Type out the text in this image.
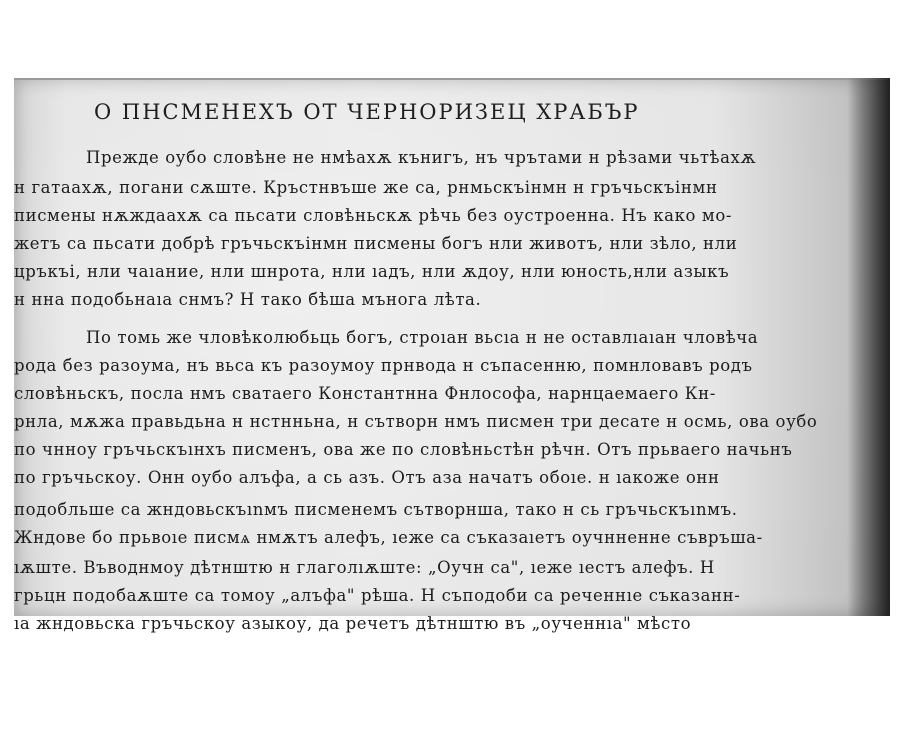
О ПНСМЕНЕХЪ ОТ ЧЕРНОРИЗЕЦ ХРАБЪР
Прежде оубо словѣне не нмѣахѫ кънигъ, нъ чрътами н рѣзами чьтѣахѫ
н гатаахѫ, погани сѫште. Кръстнвъше же са, рнмьскъінмн н гръчьскъінмн
писмены нѫждаахѫ са пьсати словѣньскѫ рѣчь без оустроенна. Нъ како мо-
жетъ са пьсати добрѣ гръчьскъінмн писмены богъ нли животъ, нли зѣло, нли
цръкъі, нли чаıание, нли шнрота, нли ıадъ, нли ѫдоу, нли юность,нли азыкъ
н нна подобьнаıа снмъ? Н тако бѣша мънога лѣта.
По томь же чловѣколюбьць богъ, строıан вьсıа н не оставлıаıан чловѣча
рода без разоума, нъ вьса къ разоумоу прнвода н съпасенню, помнловавъ родъ
словѣньскъ, посла нмъ сватаего Константнна Фнлософа, нарнцаемаего Кн-
рнла, мѫжа правьдьна н нстнньна, н сътворн нмъ писмен три десате н осмь, ова оубо
по чнноу гръчьскъıнхъ писменъ, ова же по словѣньстѣн рѣчн. Отъ прьваего начьнъ
по гръчьскоу. Онн оубо алъфа, а сь азъ. Отъ аза начатъ обоıе. н ıакоже онн
подобльше са жндовьскъınмъ писменемъ сътворнша, тако н сь гръчьскъınмъ.
Жндове бо прьвоıе писмѧ нмѫтъ алефъ, ıеже са съказаıетъ оучнненне съвръша-
ıѫште. Въводнмоу дѣтнштю н глаголıѫште: „Оучн са", ıеже ıестъ алефъ. Н
грьцн подобаѫште са томоу „алъфа" рѣша. Н съподоби са реченнıе съказанн-
ıа жндовьска гръчьскоу азыкоу, да речетъ дѣтнштю въ „оученнıа" мѣсто
